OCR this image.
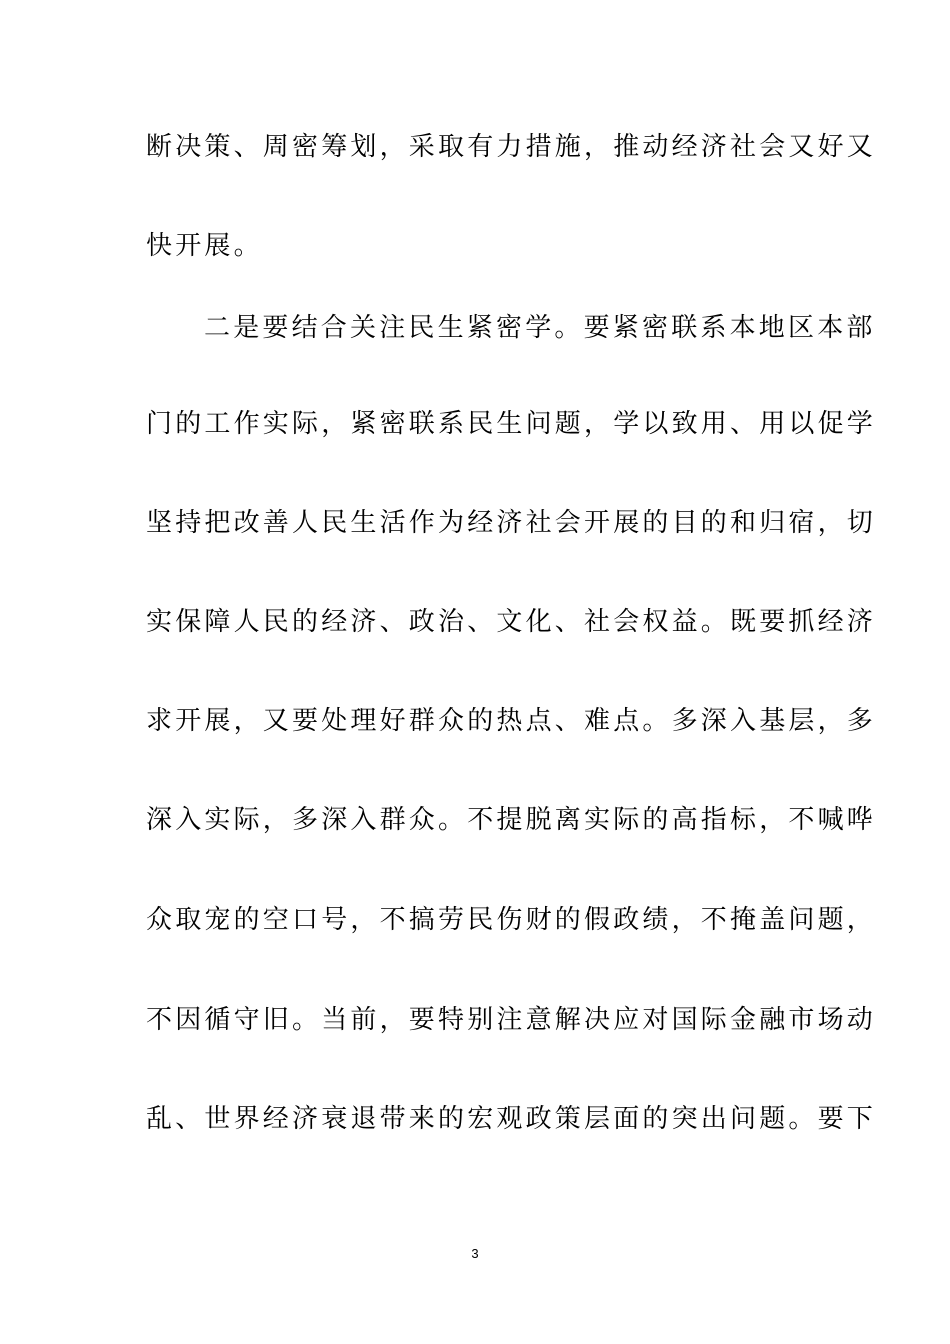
断决策、周密筹划，采取有力措施，推动经济社会又好又
快开展。
二是要结合关注民生紧密学。要紧密联系本地区本部
门的工作实际，紧密联系民生问题，学以致用、用以促学
坚持把改善人民生活作为经济社会开展的目的和归宿，切
实保障人民的经济、政治、文化、社会权益。既要抓经济
求开展，又要处理好群众的热点、难点。多深入基层，多
深入实际，多深入群众。不提脱离实际的高指标，不喊哗
众取宠的空口号，不搞劳民伤财的假政绩，不掩盖问题，
不因循守旧。当前，要特别注意解决应对国际金融市场动
乱、世界经济衰退带来的宏观政策层面的突出问题。要下
3
